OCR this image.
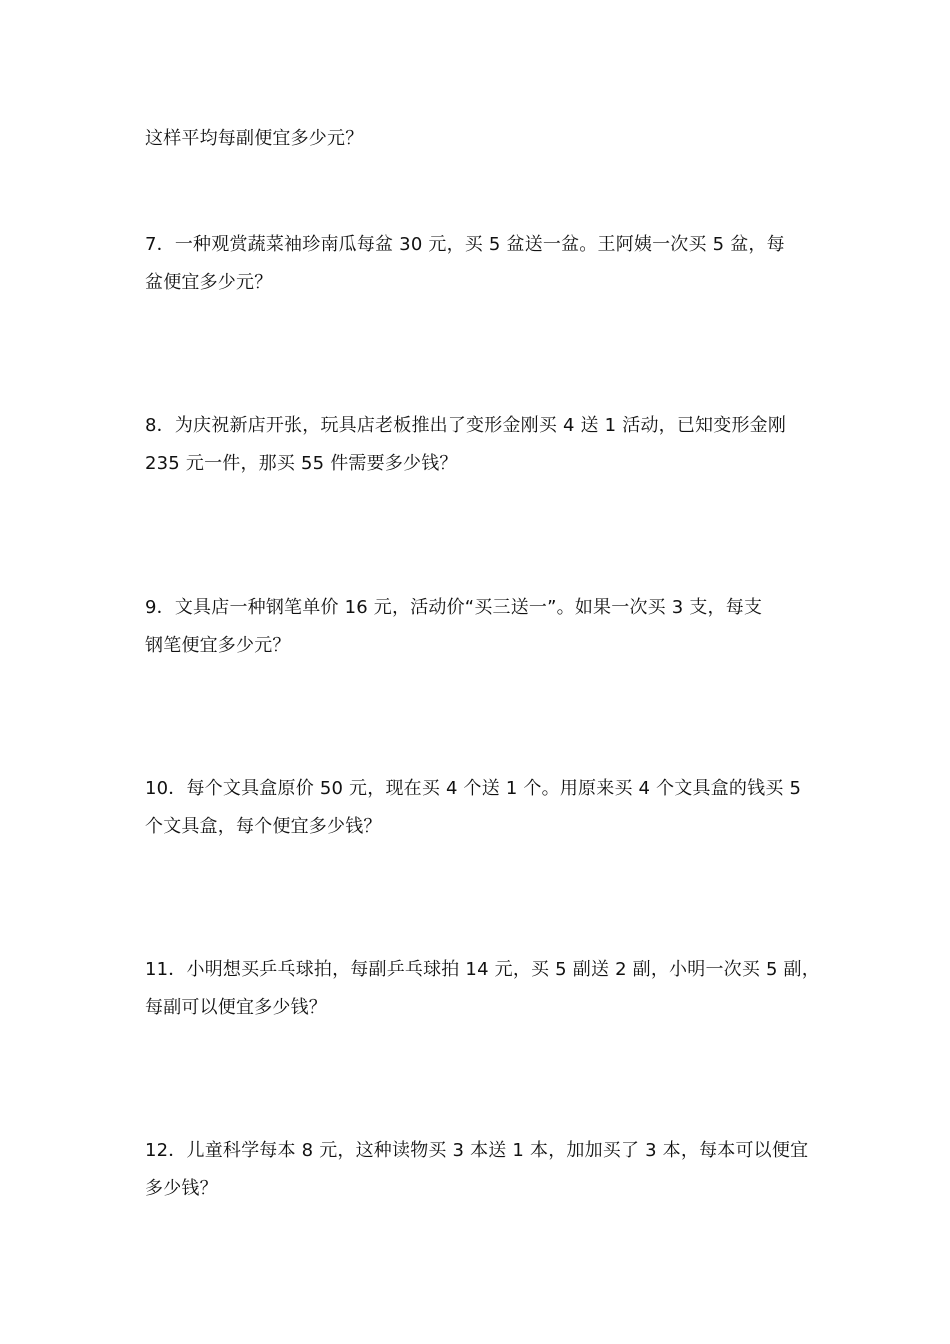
这样平均每副便宜多少元？

7．一种观赏蔬菜袖珍南瓜每盆 30 元，买 5 盆送一盆。王阿姨一次买 5 盆，每

盆便宜多少元？

8．为庆祝新店开张，玩具店老板推出了变形金刚买 4 送 1 活动，已知变形金刚

235 元一件，那买 55 件需要多少钱？

9．文具店一种钢笔单价 16 元，活动价“买三送一”。如果一次买 3 支，每支

钢笔便宜多少元？

10．每个文具盒原价 50 元，现在买 4 个送 1 个。用原来买 4 个文具盒的钱买 5

个文具盒，每个便宜多少钱？

11．小明想买乒乓球拍，每副乒乓球拍 14 元，买 5 副送 2 副，小明一次买 5 副，

每副可以便宜多少钱？

12．儿童科学每本 8 元，这种读物买 3 本送 1 本，加加买了 3 本，每本可以便宜

多少钱？
